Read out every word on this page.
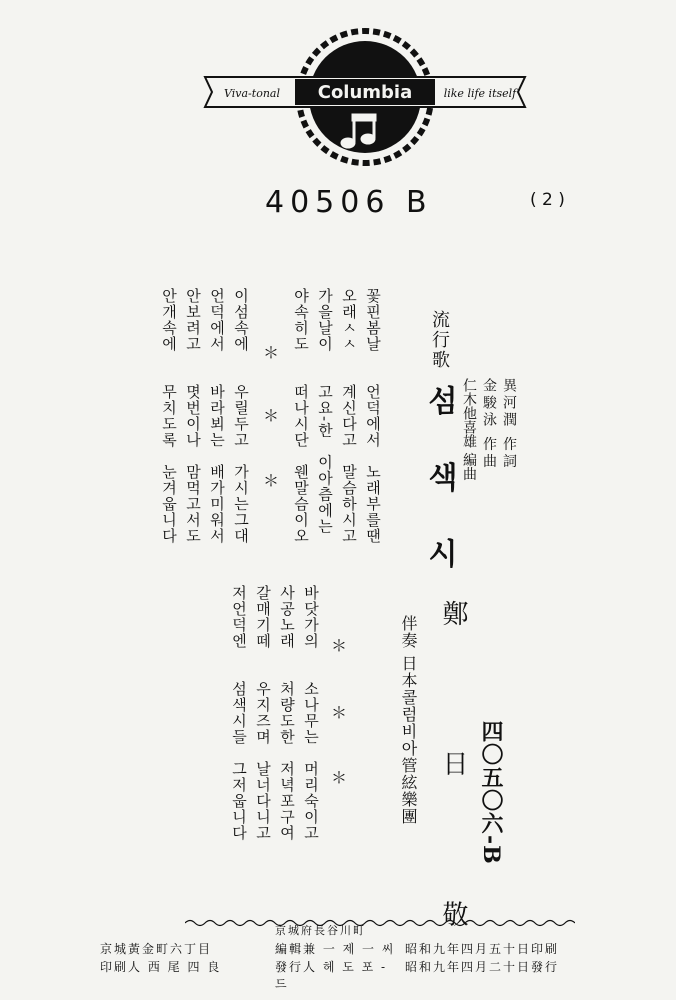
Columbia
Viva-tonal	like life itself
40506 B	( 2 )
流行歌
섬 색 시	異河潤 作詞
金駿泳 作曲
仁木他喜雄 編曲
鄭 日 敬
伴奏 日本콜럼비아管絃樂團	四〇五〇六-B
꽃핀봄날　　언덕에서　노래부를땐
오래ㅅㅅ　　계신다고　말슴하시고
가을날이　　고요-한　이아츰에는
야속히도　　떠나시단　웬말슴이오
＊
＊
＊
이섬속에　　우릴두고　가시는그대
언덕에서　　바라뵈는　배가미워서
안보려고　　몃번이나　맘먹고서도
안개속에　　무치도록　눈겨웁니다
＊
＊
＊
바닷가의　　소나무는　머리숙이고
사공노래　　처량도한　저녁포구여
갈매기떼　　우지즈며　날너다니고
저언덕엔　　섬색시들　그저웁니다
昭和九年四月五十日印刷
昭和九年四月二十日發行
編輯兼 一 제 一 씨
發行人 헤 도 포 - 드
京城府長谷川町
印刷人 西 尾 四 良
京城黃金町六丁目
